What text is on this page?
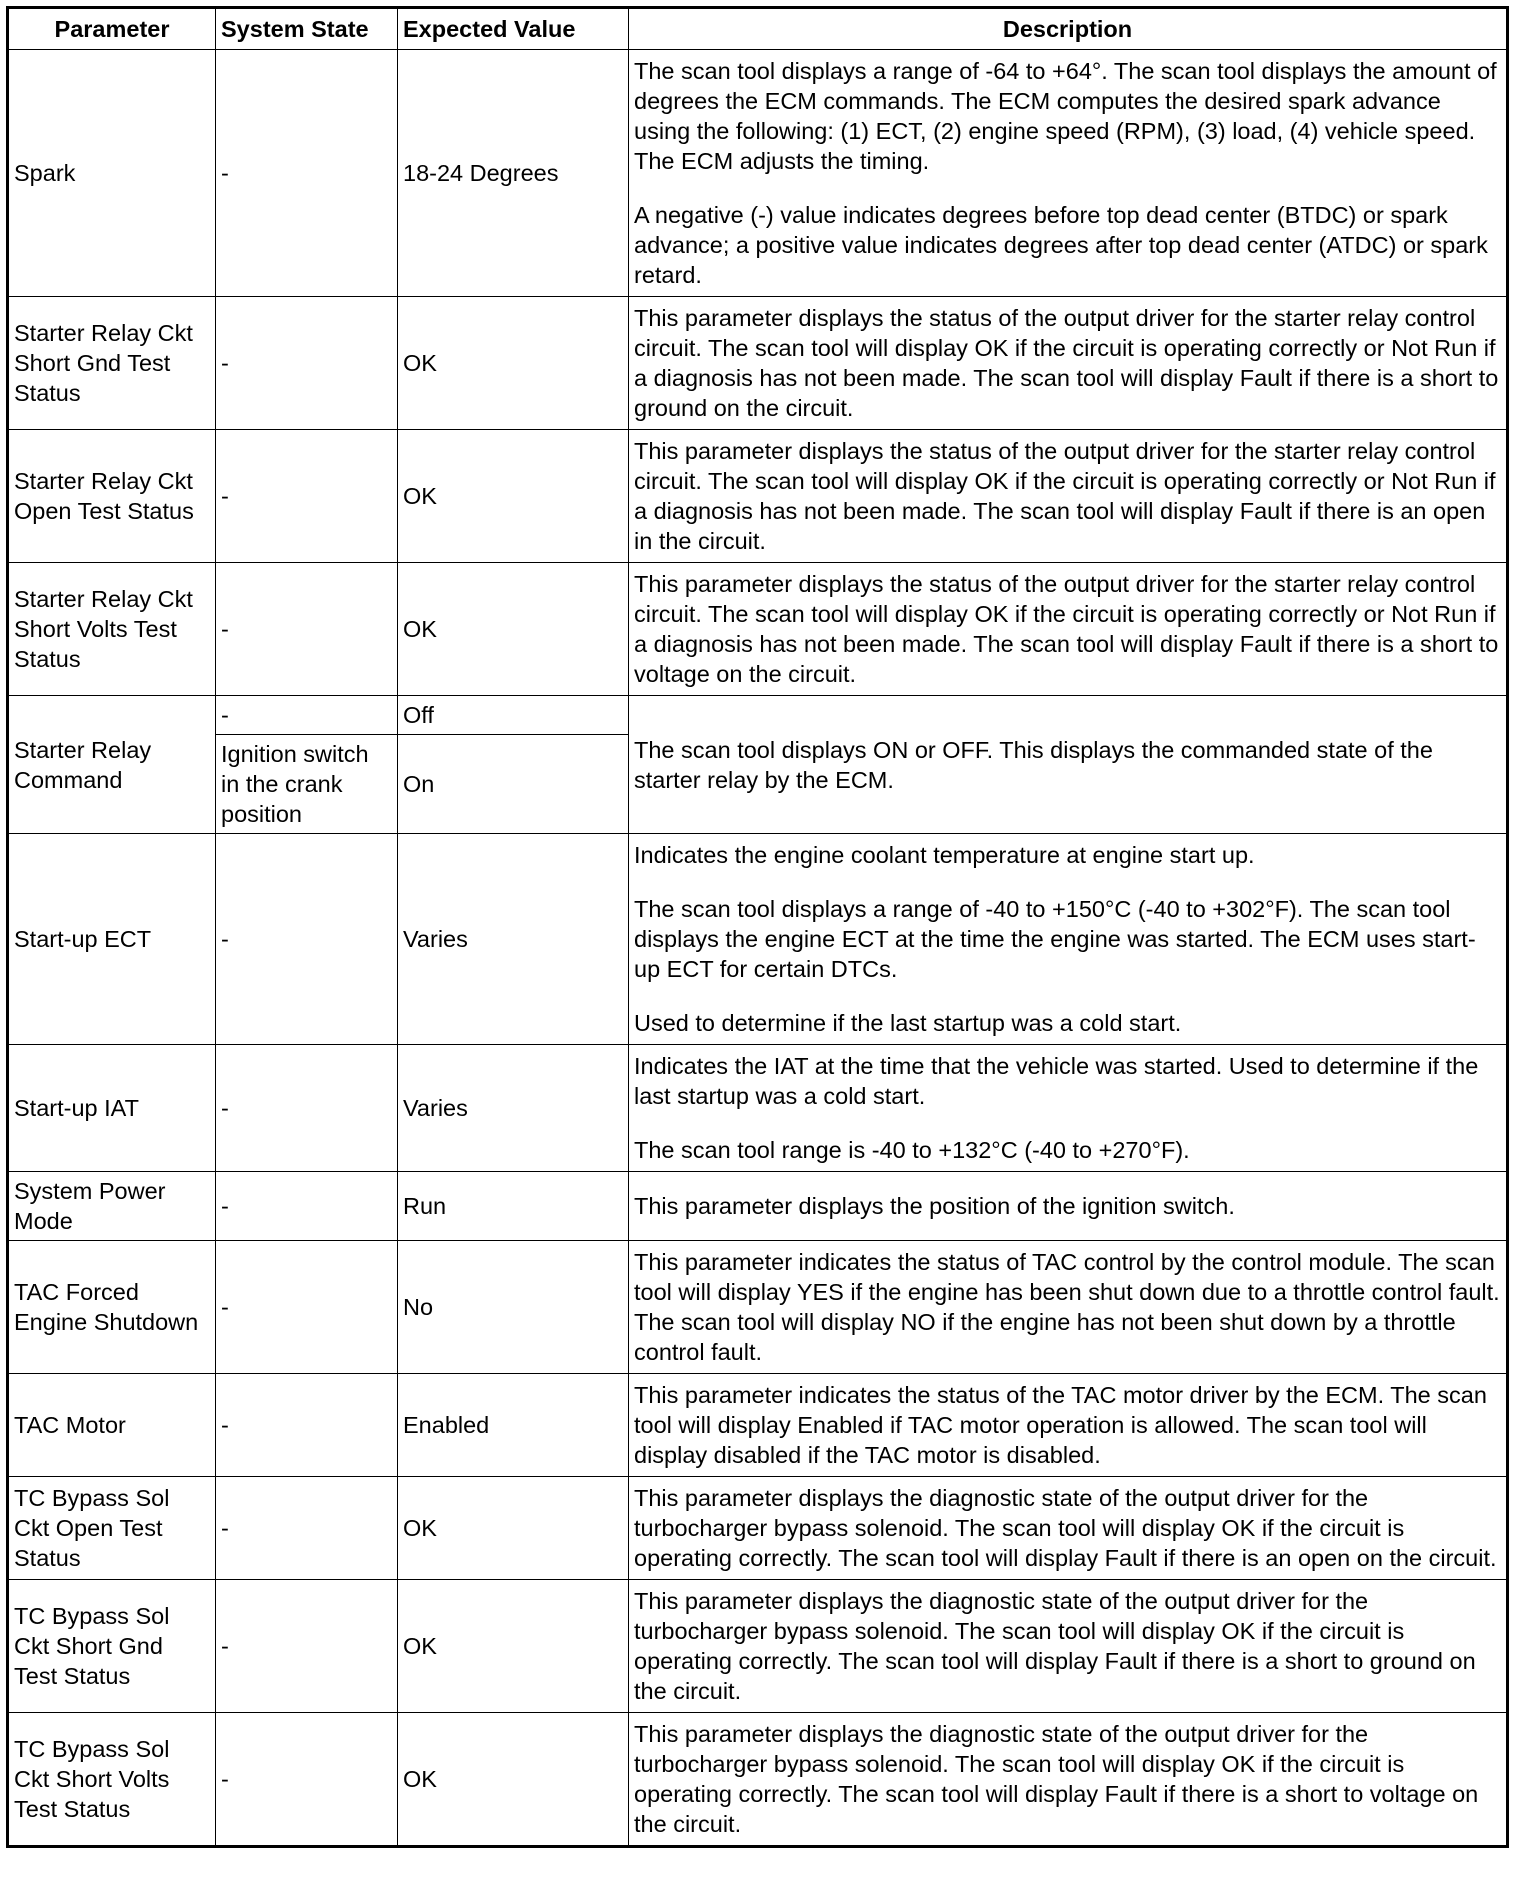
Parameter	System State	Expected Value	Description
Spark	-	18-24 Degrees	The scan tool displays a range of -64 to +64°. The scan tool displays the amount of degrees the ECM commands. The ECM computes the desired spark advance using the following: (1) ECT, (2) engine speed (RPM), (3) load, (4) vehicle speed. The ECM adjusts the timing.

A negative (-) value indicates degrees before top dead center (BTDC) or spark advance; a positive value indicates degrees after top dead center (ATDC) or spark retard.

Starter Relay Ckt Short Gnd Test Status	-	OK	This parameter displays the status of the output driver for the starter relay control circuit. The scan tool will display OK if the circuit is operating correctly or Not Run if a diagnosis has not been made. The scan tool will display Fault if there is a short to ground on the circuit.

Starter Relay Ckt Open Test Status	-	OK	This parameter displays the status of the output driver for the starter relay control circuit. The scan tool will display OK if the circuit is operating correctly or Not Run if a diagnosis has not been made. The scan tool will display Fault if there is an open in the circuit.

Starter Relay Ckt Short Volts Test Status	-	OK	This parameter displays the status of the output driver for the starter relay control circuit. The scan tool will display OK if the circuit is operating correctly or Not Run if a diagnosis has not been made. The scan tool will display Fault if there is a short to voltage on the circuit.

Starter Relay Command	-	Off	The scan tool displays ON or OFF. This displays the commanded state of the starter relay by the ECM.

	Ignition switch in the crank position	On	
Start-up ECT	-	Varies	Indicates the engine coolant temperature at engine start up.

The scan tool displays a range of -40 to +150°C (-40 to +302°F). The scan tool displays the engine ECT at the time the engine was started. The ECM uses start-up ECT for certain DTCs.

Used to determine if the last startup was a cold start.

Start-up IAT	-	Varies	Indicates the IAT at the time that the vehicle was started. Used to determine if the last startup was a cold start.

The scan tool range is -40 to +132°C (-40 to +270°F).

System Power Mode	-	Run	This parameter displays the position of the ignition switch.

TAC Forced Engine Shutdown	-	No	This parameter indicates the status of TAC control by the control module. The scan tool will display YES if the engine has been shut down due to a throttle control fault. The scan tool will display NO if the engine has not been shut down by a throttle control fault.

TAC Motor	-	Enabled	This parameter indicates the status of the TAC motor driver by the ECM. The scan tool will display Enabled if TAC motor operation is allowed. The scan tool will display disabled if the TAC motor is disabled.

TC Bypass Sol Ckt Open Test Status	-	OK	This parameter displays the diagnostic state of the output driver for the turbocharger bypass solenoid. The scan tool will display OK if the circuit is operating correctly. The scan tool will display Fault if there is an open on the circuit.

TC Bypass Sol Ckt Short Gnd Test Status	-	OK	This parameter displays the diagnostic state of the output driver for the turbocharger bypass solenoid. The scan tool will display OK if the circuit is operating correctly. The scan tool will display Fault if there is a short to ground on the circuit.

TC Bypass Sol Ckt Short Volts Test Status	-	OK	This parameter displays the diagnostic state of the output driver for the turbocharger bypass solenoid. The scan tool will display OK if the circuit is operating correctly. The scan tool will display Fault if there is a short to voltage on the circuit.
